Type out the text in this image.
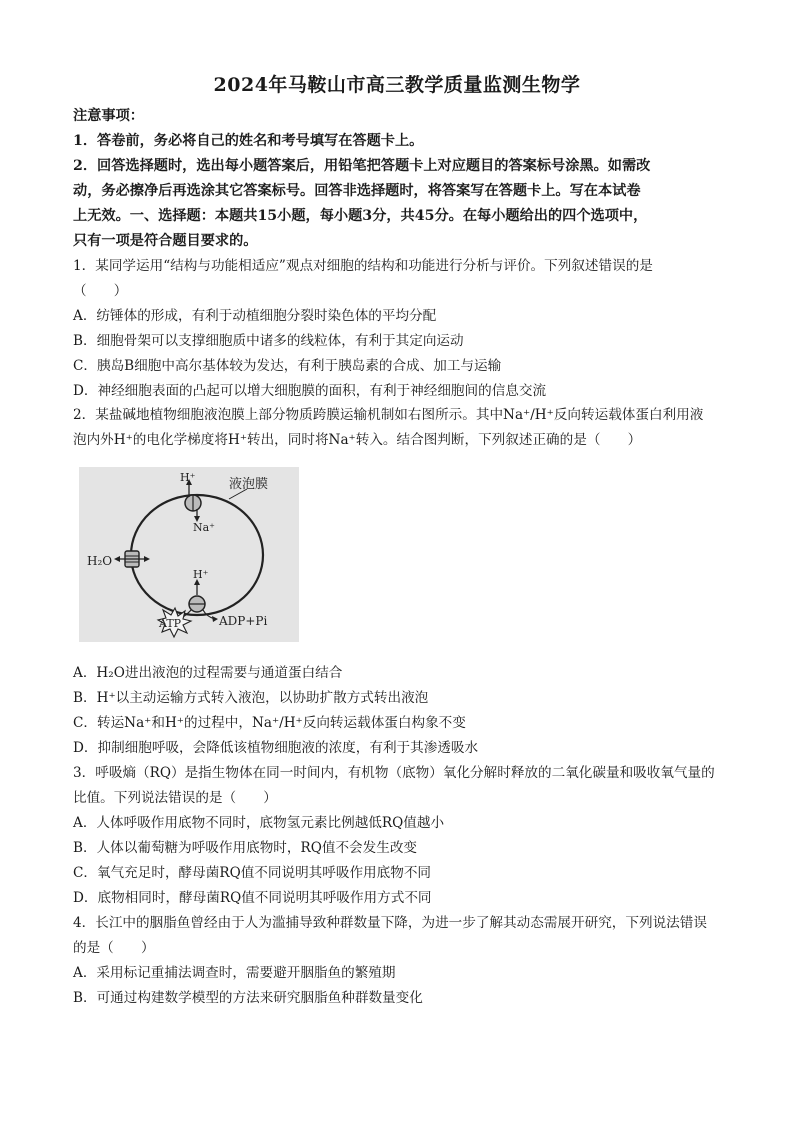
2024年马鞍山市高三教学质量监测生物学

注意事项：

1．答卷前，务必将自己的姓名和考号填写在答题卡上。

2．回答选择题时，选出每小题答案后，用铅笔把答题卡上对应题目的答案标号涂黑。如需改

动，务必擦净后再选涂其它答案标号。回答非选择题时，将答案写在答题卡上。写在本试卷

上无效。一、选择题：本题共15小题，每小题3分，共45分。在每小题给出的四个选项中，

只有一项是符合题目要求的。

1．某同学运用“结构与功能相适应”观点对细胞的结构和功能进行分析与评价。下列叙述错误的是

（　　）

A．纺锤体的形成，有利于动植细胞分裂时染色体的平均分配

B．细胞骨架可以支撑细胞质中诸多的线粒体，有利于其定向运动

C．胰岛B细胞中高尔基体较为发达，有利于胰岛素的合成、加工与运输

D．神经细胞表面的凸起可以增大细胞膜的面积，有利于神经细胞间的信息交流

2．某盐碱地植物细胞液泡膜上部分物质跨膜运输机制如右图所示。其中Na⁺/H⁺反向转运载体蛋白利用液

泡内外H⁺的电化学梯度将H⁺转出，同时将Na⁺转入。结合图判断，下列叙述正确的是（　　）

液泡膜
H⁺
Na⁺
H₂O
H⁺
ATP	ADP+Pi

A．H₂O进出液泡的过程需要与通道蛋白结合

B．H⁺以主动运输方式转入液泡，以协助扩散方式转出液泡

C．转运Na⁺和H⁺的过程中，Na⁺/H⁺反向转运载体蛋白构象不变

D．抑制细胞呼吸，会降低该植物细胞液的浓度，有利于其渗透吸水

3．呼吸熵（RQ）是指生物体在同一时间内，有机物（底物）氧化分解时释放的二氧化碳量和吸收氧气量的

比值。下列说法错误的是（　　）

A．人体呼吸作用底物不同时，底物氢元素比例越低RQ值越小

B．人体以葡萄糖为呼吸作用底物时，RQ值不会发生改变

C．氧气充足时，酵母菌RQ值不同说明其呼吸作用底物不同

D．底物相同时，酵母菌RQ值不同说明其呼吸作用方式不同

4．长江中的胭脂鱼曾经由于人为滥捕导致种群数量下降，为进一步了解其动态需展开研究，下列说法错误

的是（　　）

A．采用标记重捕法调查时，需要避开胭脂鱼的繁殖期

B．可通过构建数学模型的方法来研究胭脂鱼种群数量变化
